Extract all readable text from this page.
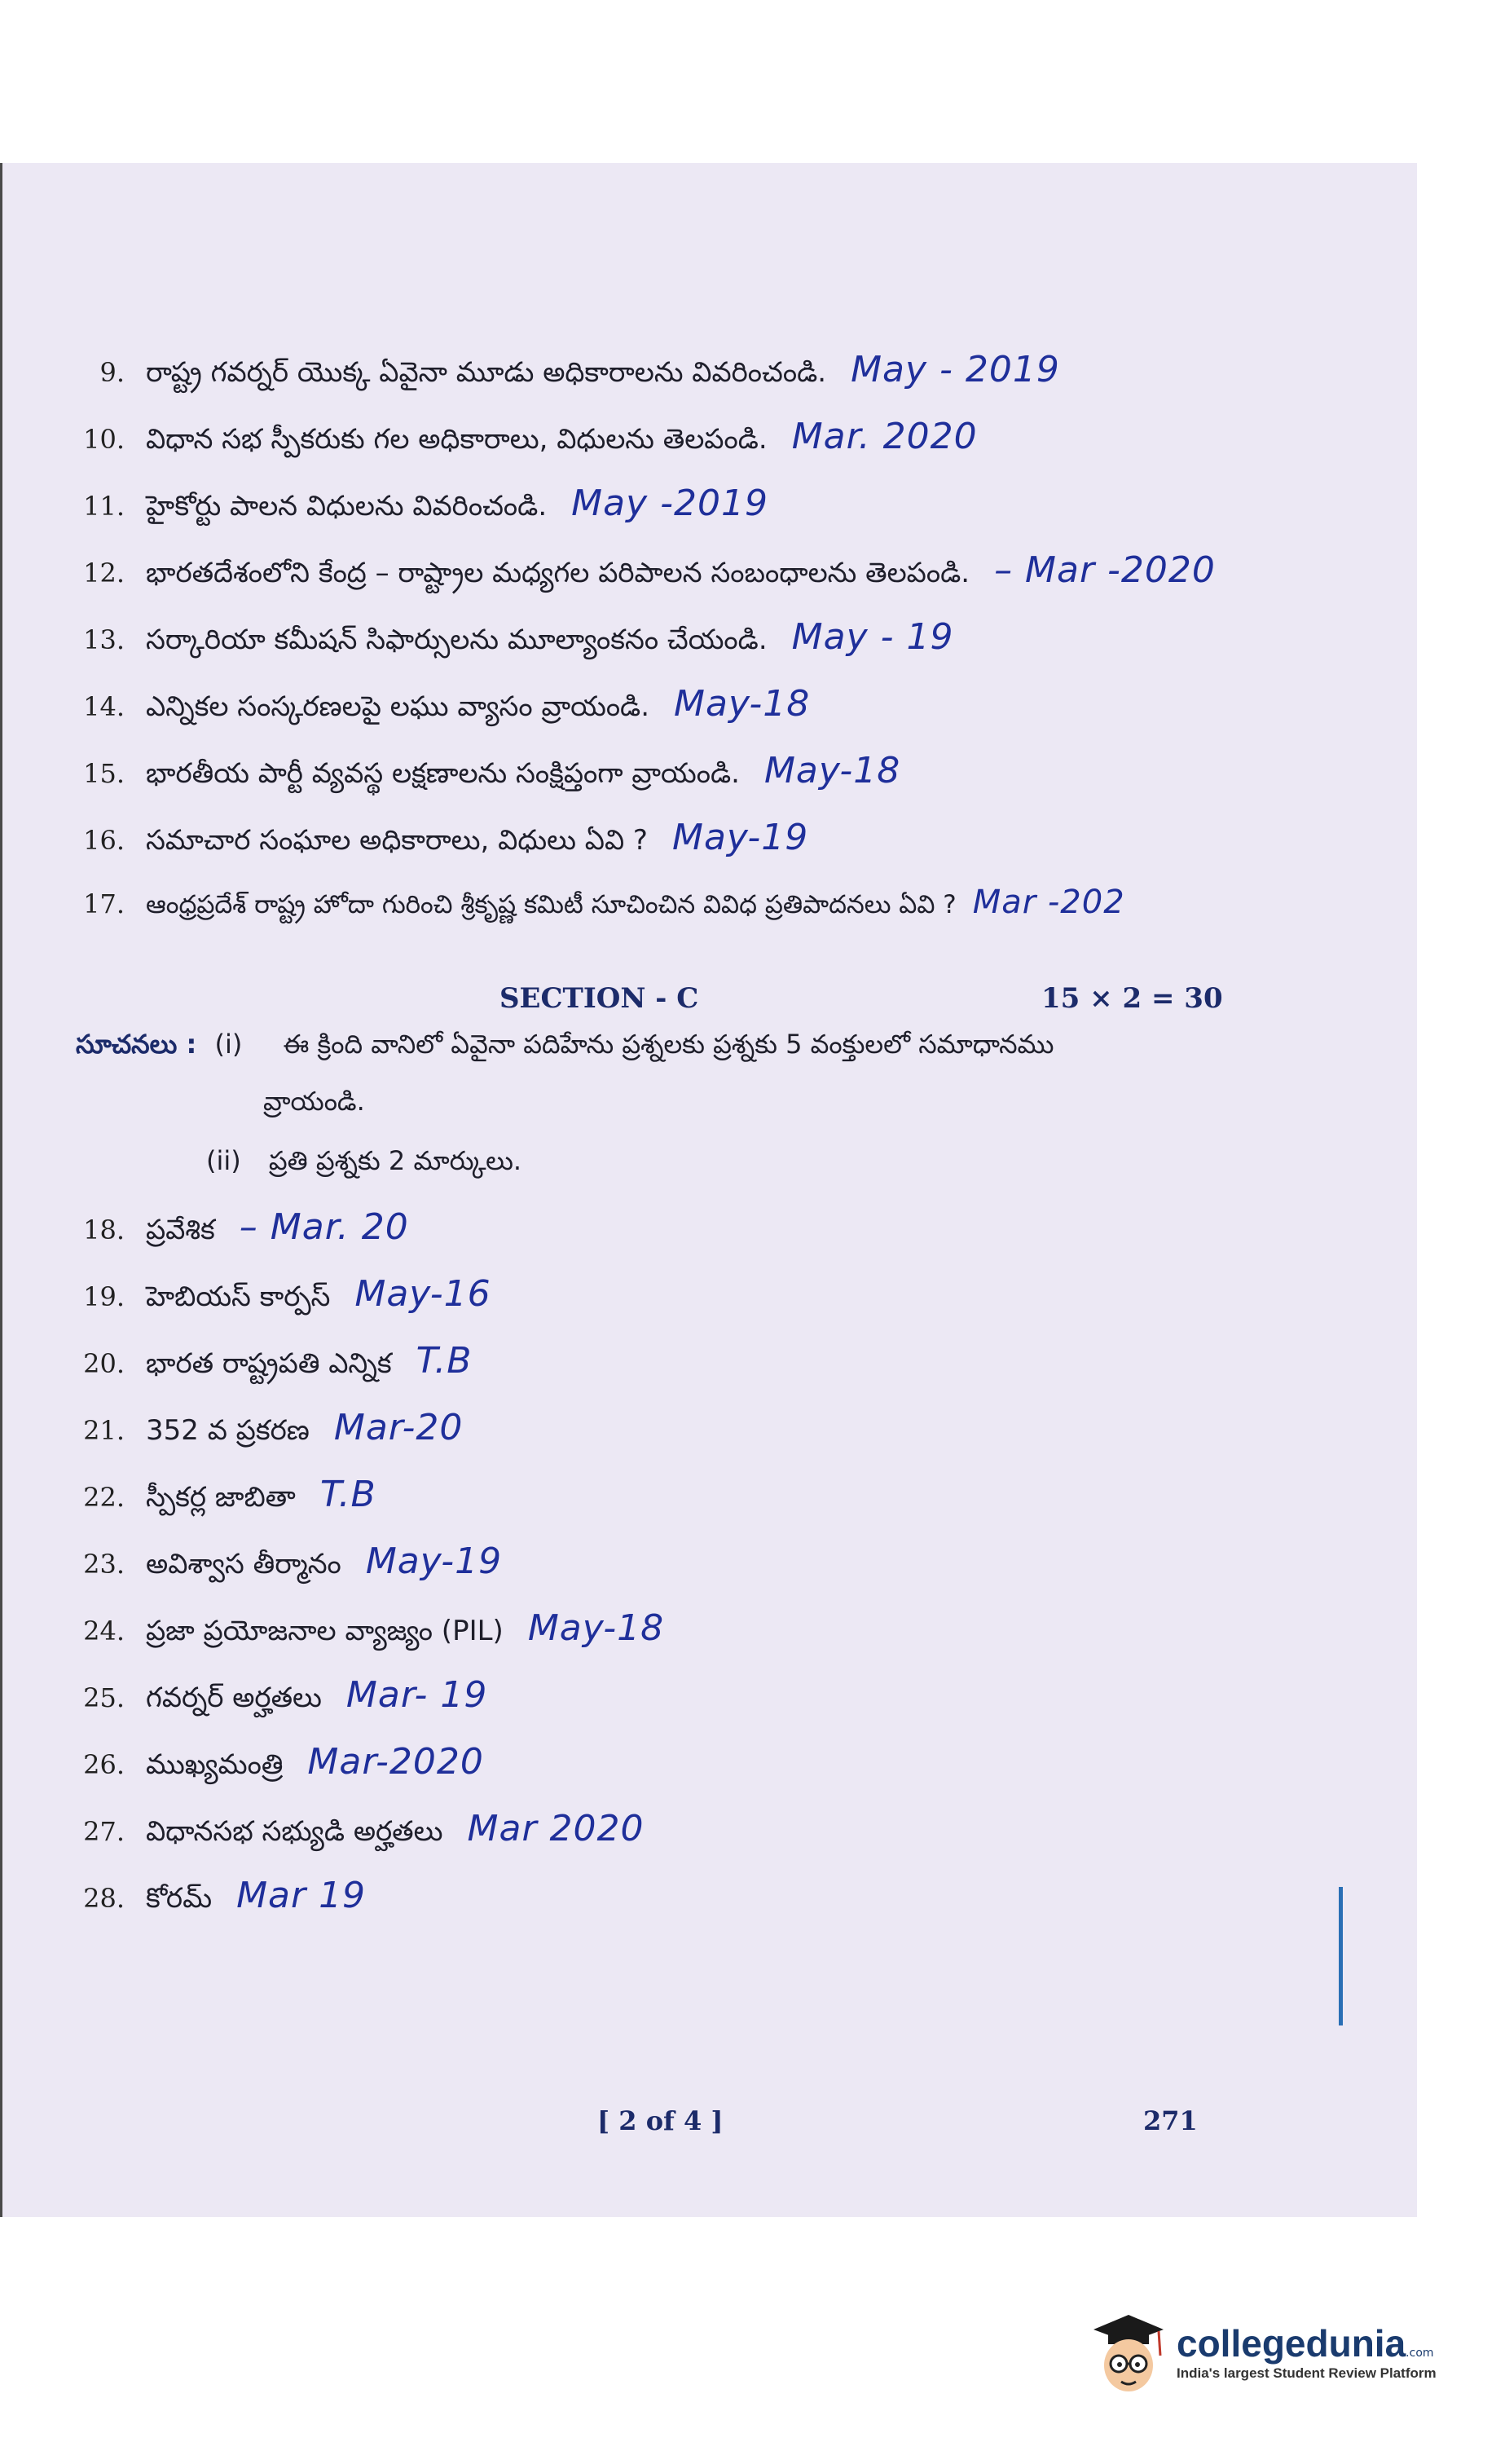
9. రాష్ట్ర గవర్నర్ యొక్క ఏవైనా మూడు అధికారాలను వివరించండి. May - 2019
10. విధాన సభ స్పీకరుకు గల అధికారాలు, విధులను తెలపండి. Mar. 2020
11. హైకోర్టు పాలన విధులను వివరించండి. May -2019
12. భారతదేశంలోని కేంద్ర – రాష్ట్రాల మధ్యగల పరిపాలన సంబంధాలను తెలపండి. – Mar -2020
13. సర్కారియా కమీషన్ సిఫార్సులను మూల్యాంకనం చేయండి. May - 19
14. ఎన్నికల సంస్కరణలపై లఘు వ్యాసం వ్రాయండి. May-18
15. భారతీయ పార్టీ వ్యవస్థ లక్షణాలను సంక్షిప్తంగా వ్రాయండి. May-18
16. సమాచార సంఘాల అధికారాలు, విధులు ఏవి ? May-19
17. ఆంధ్రప్రదేశ్ రాష్ట్ర హోదా గురించి శ్రీకృష్ణ కమిటీ సూచించిన వివిధ ప్రతిపాదనలు ఏవి ? Mar -202
SECTION - C	15 × 2 = 30
సూచనలు : (i) ఈ క్రింది వానిలో ఏవైనా పదిహేను ప్రశ్నలకు ప్రశ్నకు 5 వంక్తులలో సమాధానము
వ్రాయండి.
(ii) ప్రతి ప్రశ్నకు 2 మార్కులు.
18. ప్రవేశిక – Mar. 20
19. హెబియస్ కార్పస్ May-16
20. భారత రాష్ట్రపతి ఎన్నిక T.B
21. 352 వ ప్రకరణ Mar-20
22. స్పీకర్ల జాబితా T.B
23. అవిశ్వాస తీర్మానం May-19
24. ప్రజా ప్రయోజనాల వ్యాజ్యం (PIL) May-18
25. గవర్నర్ అర్హతలు Mar- 19
26. ముఖ్యమంత్రి Mar-2020
27. విధానసభ సభ్యుడి అర్హతలు Mar 2020
28. కోరమ్ Mar 19
[ 2 of 4 ]	271
collegedunia.com
India's largest Student Review Platform
